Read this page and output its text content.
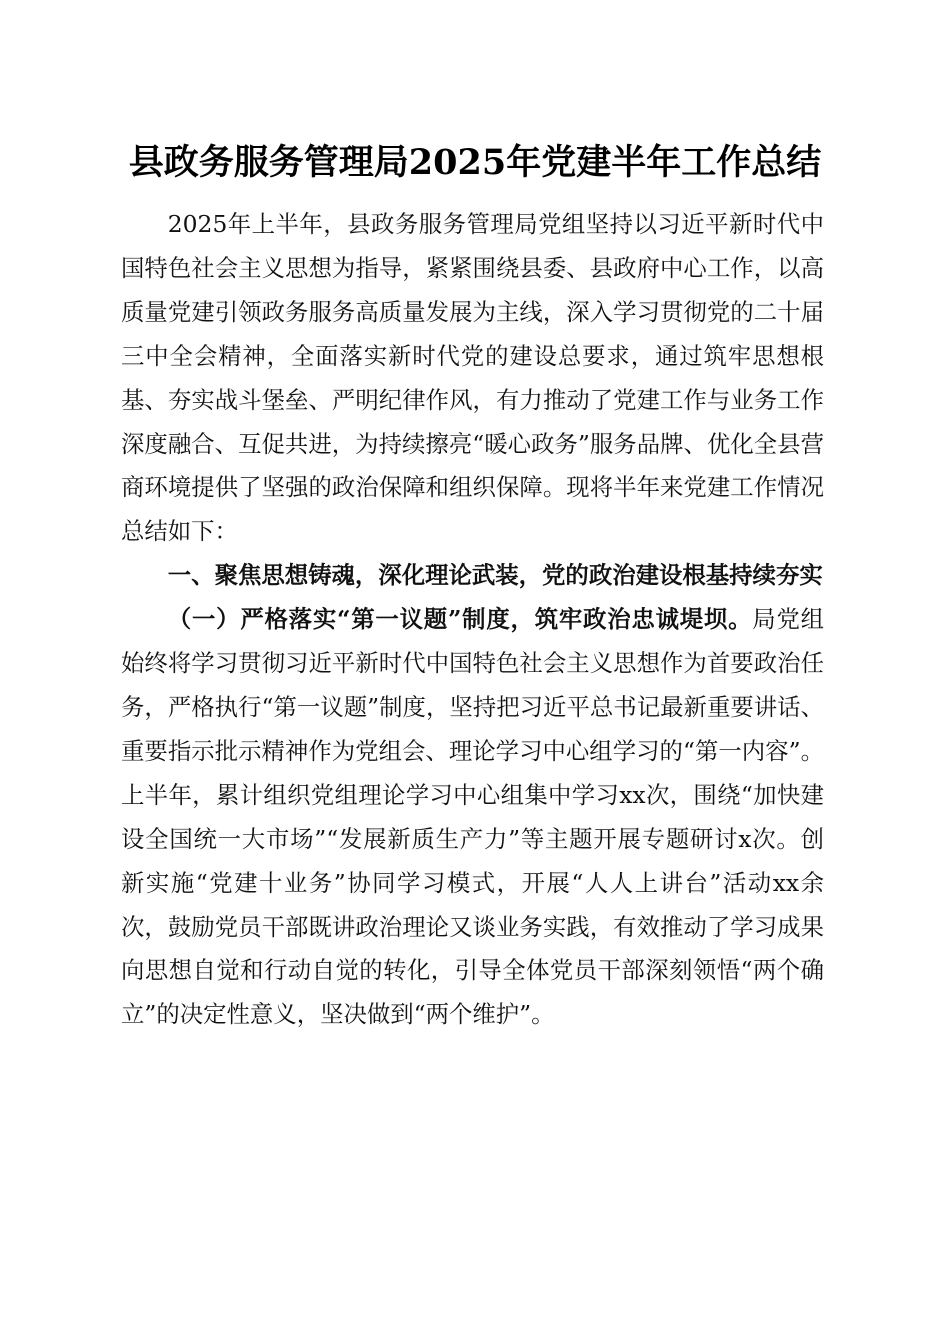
县政务服务管理局2025年党建半年工作总结

2025年上半年，县政务服务管理局党组坚持以习近平新时代中国特色社会主义思想为指导，紧紧围绕县委、县政府中心工作，以高质量党建引领政务服务高质量发展为主线，深入学习贯彻党的二十届三中全会精神，全面落实新时代党的建设总要求，通过筑牢思想根基、夯实战斗堡垒、严明纪律作风，有力推动了党建工作与业务工作深度融合、互促共进，为持续擦亮“暖心政务”服务品牌、优化全县营商环境提供了坚强的政治保障和组织保障。现将半年来党建工作情况总结如下：

一、聚焦思想铸魂，深化理论武装，党的政治建设根基持续夯实

（一）严格落实“第一议题”制度，筑牢政治忠诚堤坝。局党组始终将学习贯彻习近平新时代中国特色社会主义思想作为首要政治任务，严格执行“第一议题”制度，坚持把习近平总书记最新重要讲话、重要指示批示精神作为党组会、理论学习中心组学习的“第一内容”。上半年，累计组织党组理论学习中心组集中学习xx次，围绕“加快建设全国统一大市场”“发展新质生产力”等主题开展专题研讨x次。创新实施“党建十业务”协同学习模式，开展“人人上讲台”活动xx余次，鼓励党员干部既讲政治理论又谈业务实践，有效推动了学习成果向思想自觉和行动自觉的转化，引导全体党员干部深刻领悟“两个确立”的决定性意义，坚决做到“两个维护”。
